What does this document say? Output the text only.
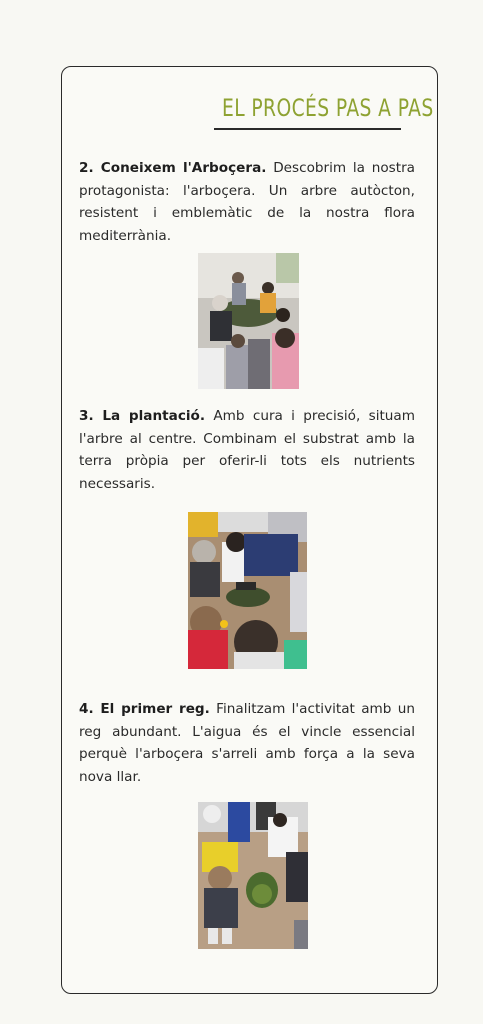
EL PROCÉS PAS A PAS

2. Coneixem l'Arboçera. Descobrim la nostra protagonista: l'arboçera. Un arbre autòcton, resistent i emblemàtic de la nostra flora mediterrània.

3. La plantació. Amb cura i precisió, situam l'arbre al centre. Combinam el substrat amb la terra pròpia per oferir-li tots els nutrients necessaris.

4. El primer reg. Finalitzam l'activitat amb un reg abundant. L'aigua és el vincle essencial perquè l'arboçera s'arreli amb força a la seva nova llar.
